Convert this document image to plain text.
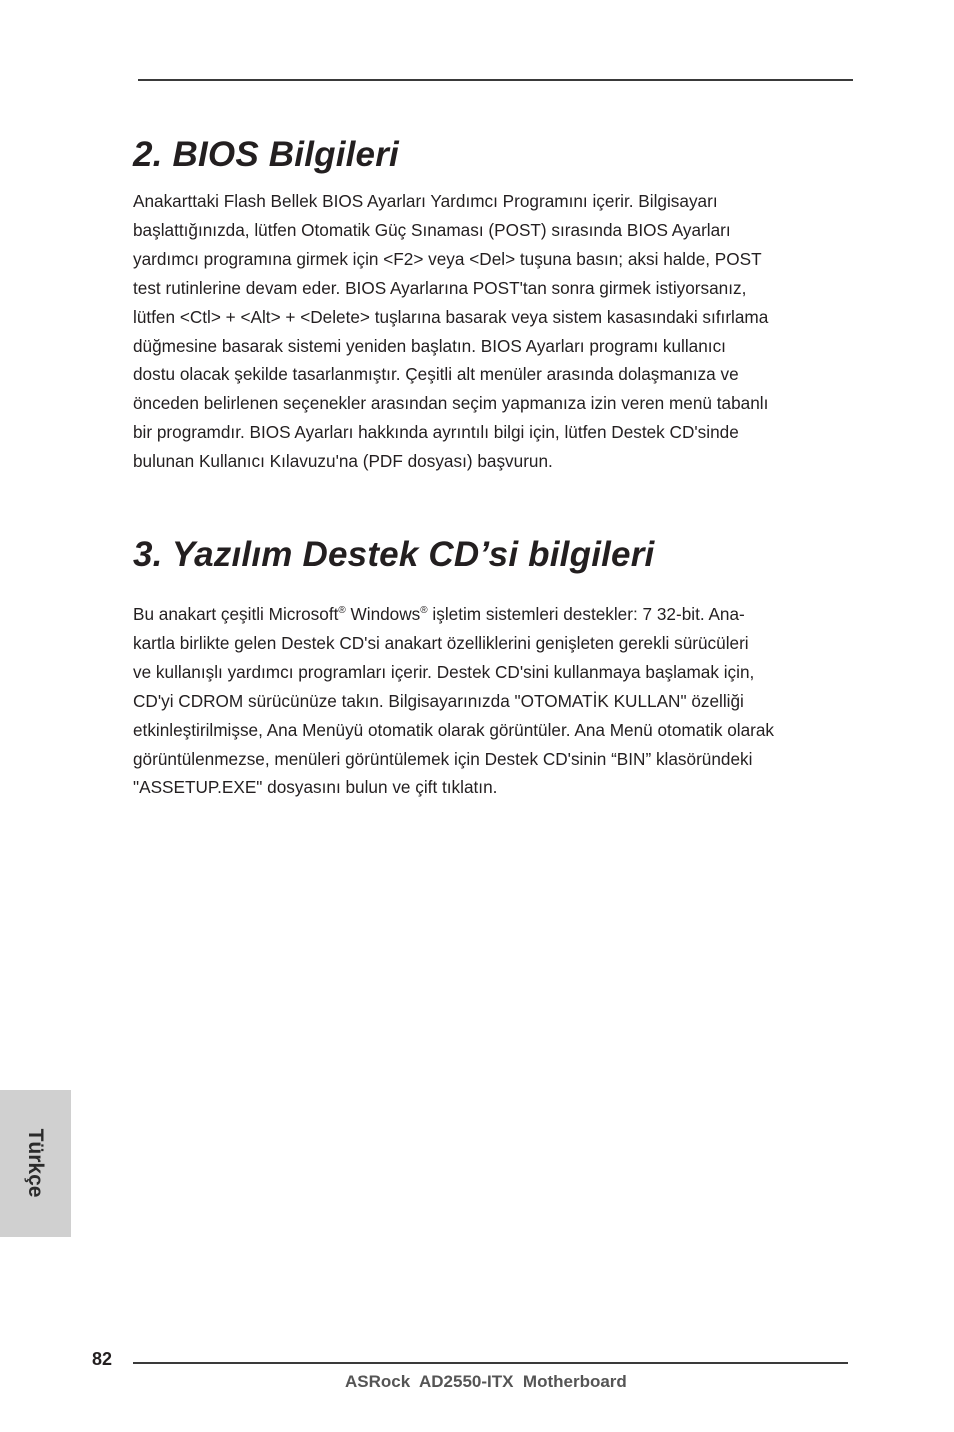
2. BIOS Bilgileri

Anakarttaki Flash Bellek BIOS Ayarları Yardımcı Programını içerir. Bilgisayarı
başlattığınızda, lütfen Otomatik Güç Sınaması (POST) sırasında BIOS Ayarları
yardımcı programına girmek için <F2> veya <Del> tuşuna basın; aksi halde, POST
test rutinlerine devam eder. BIOS Ayarlarına POST'tan sonra girmek istiyorsanız,
lütfen <Ctl> + <Alt> + <Delete> tuşlarına basarak veya sistem kasasındaki sıfırlama
düğmesine basarak sistemi yeniden başlatın. BIOS Ayarları programı kullanıcı
dostu olacak şekilde tasarlanmıştır. Çeşitli alt menüler arasında dolaşmanıza ve
önceden belirlenen seçenekler arasından seçim yapmanıza izin veren menü tabanlı
bir programdır. BIOS Ayarları hakkında ayrıntılı bilgi için, lütfen Destek CD'sinde
bulunan Kullanıcı Kılavuzu'na (PDF dosyası) başvurun.

3. Yazılım Destek CD’si bilgileri

Bu anakart çeşitli Microsoft® Windows® işletim sistemleri destekler: 7 32-bit. Ana-
kartla birlikte gelen Destek CD'si anakart özelliklerini genişleten gerekli sürücüleri
ve kullanışlı yardımcı programları içerir. Destek CD'sini kullanmaya başlamak için,
CD'yi CDROM sürücünüze takın. Bilgisayarınızda "OTOMATİK KULLAN" özelliği
etkinleştirilmişse, Ana Menüyü otomatik olarak görüntüler. Ana Menü otomatik olarak
görüntülenmezse, menüleri görüntülemek için Destek CD'sinin “BIN” klasöründeki
"ASSETUP.EXE" dosyasını bulun ve çift tıklatın.

Türkçe
82
ASRock  AD2550-ITX  Motherboard
